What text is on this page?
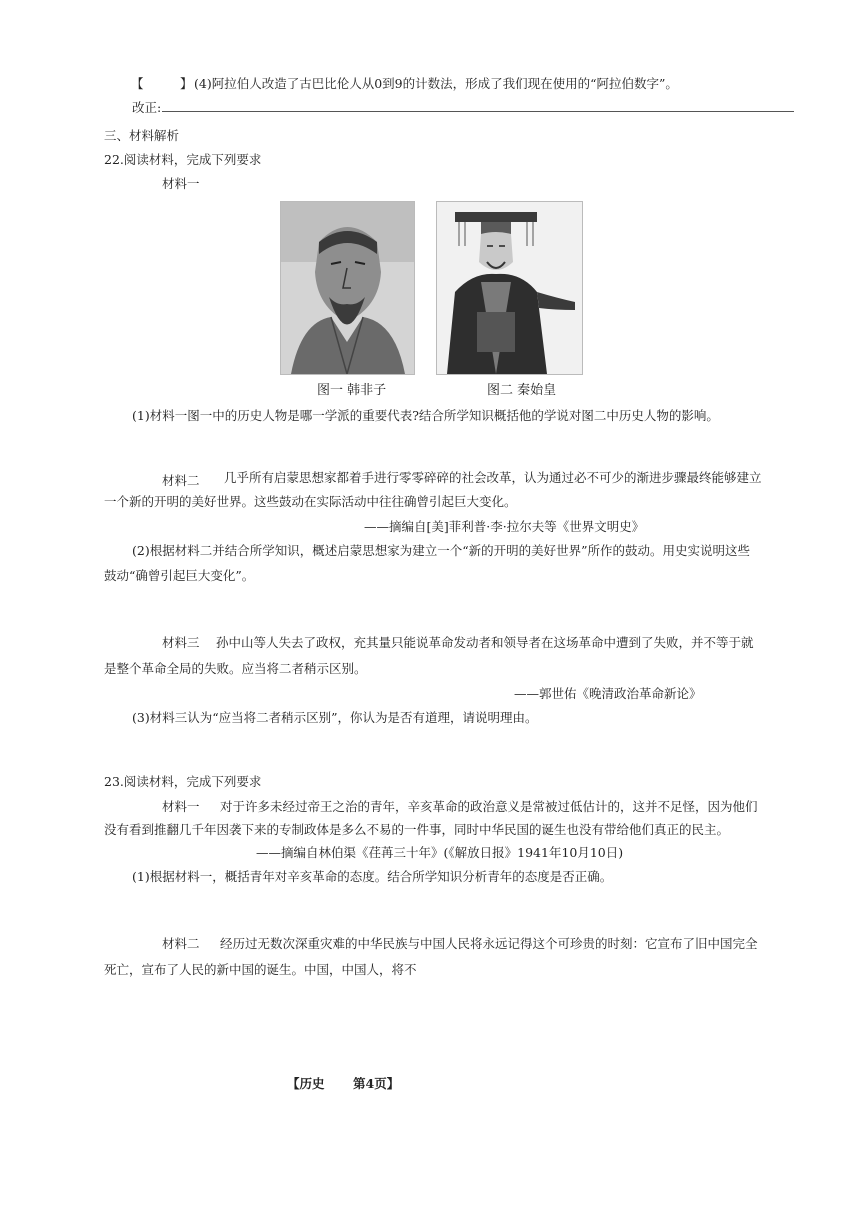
【	】 (4)阿拉伯人改造了古巴比伦人从0到9的计数法，形成了我们现在使用的“阿拉伯数字”。
改正:
三、材料解析
22.阅读材料，完成下列要求
材料一
图一 韩非子	图二 秦始皇
(1)材料一图一中的历史人物是哪一学派的重要代表?结合所学知识概括他的学说对图二中历史人物的影响。
材料二	几乎所有启蒙思想家都着手进行零零碎碎的社会改革，认为通过必不可少的渐进步骤最终能够建立一个新的开明的美好世界。这些鼓动在实际活动中往往确曾引起巨大变化。
——摘编自[美]菲利普·李·拉尔夫等《世界文明史》
(2)根据材料二并结合所学知识，概述启蒙思想家为建立一个“新的开明的美好世界”所作的鼓动。用史实说明这些
鼓动“确曾引起巨大变化”。
材料三 孙中山等人失去了政权，充其量只能说革命发动者和领导者在这场革命中遭到了失败，并不等于就
是整个革命全局的失败。应当将二者稍示区别。
——郭世佑《晚清政治革命新论》
(3)材料三认为“应当将二者稍示区别”，你认为是否有道理，请说明理由。
23.阅读材料，完成下列要求
材料一 对于许多未经过帝王之治的青年，辛亥革命的政治意义是常被过低估计的，这并不足怪，因为他们
没有看到推翻几千年因袭下来的专制政体是多么不易的一件事，同时中华民国的诞生也没有带给他们真正的民主。
——摘编自林伯渠《荏苒三十年》(《解放日报》1941年10月10日)
(1)根据材料一，概括青年对辛亥革命的态度。结合所学知识分析青年的态度是否正确。
材料二 经历过无数次深重灾难的中华民族与中国人民将永远记得这个可珍贵的时刻：它宣布了旧中国完全
死亡，宣布了人民的新中国的诞生。中国，中国人，将不
【历史 第4页】
